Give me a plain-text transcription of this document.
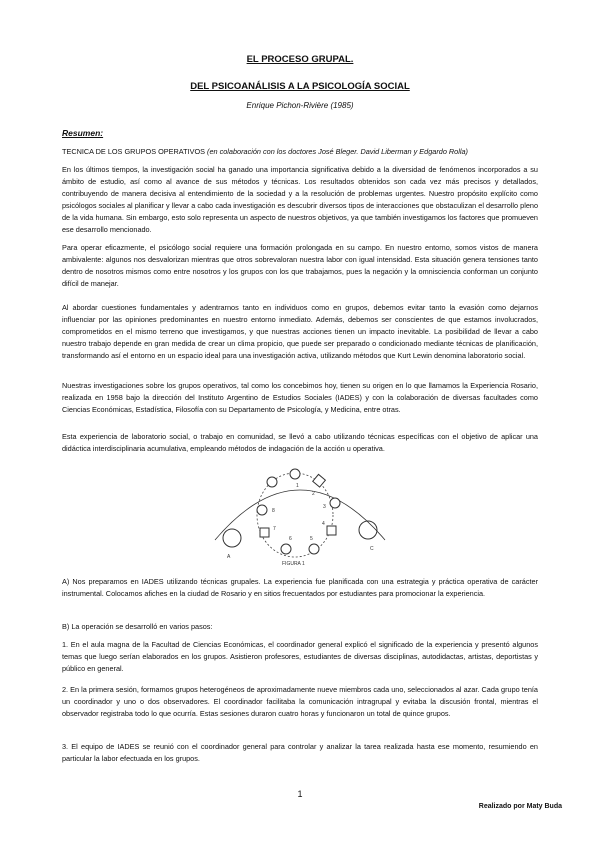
EL PROCESO GRUPAL.
DEL PSICOANÁLISIS A LA PSICOLOGÍA SOCIAL
Enrique Pichon-Rivière (1985)
Resumen:
TECNICA DE LOS GRUPOS OPERATIVOS (en colaboración con los doctores José Bleger. David Liberman y Edgardo Rolla)
En los últimos tiempos, la investigación social ha ganado una importancia significativa debido a la diversidad de fenómenos incorporados a su ámbito de estudio, así como al avance de sus métodos y técnicas. Los resultados obtenidos son cada vez más precisos y detallados, contribuyendo de manera decisiva al entendimiento de la sociedad y a la resolución de problemas urgentes. Nuestro propósito explícito como psicólogos sociales al planificar y llevar a cabo cada investigación es descubrir diversos tipos de interacciones que obstaculizan el desarrollo pleno de la vida humana. Sin embargo, esto solo representa un aspecto de nuestros objetivos, ya que también investigamos los factores que promueven ese desarrollo mencionado.
Para operar eficazmente, el psicólogo social requiere una formación prolongada en su campo. En nuestro entorno, somos vistos de manera ambivalente: algunos nos desvalorizan mientras que otros sobrevaloran nuestra labor con igual intensidad. Esta situación genera tensiones tanto dentro de nosotros mismos como entre nosotros y los grupos con los que trabajamos, pues la negación y la omnisciencia conforman un conjunto difícil de manejar.
Al abordar cuestiones fundamentales y adentrarnos tanto en individuos como en grupos, debemos evitar tanto la evasión como dejarnos influenciar por las opiniones predominantes en nuestro entorno inmediato. Además, debemos ser conscientes de que estamos involucrados, comprometidos en el mismo terreno que investigamos, y que nuestras acciones tienen un impacto inevitable. La posibilidad de llevar a cabo nuestro trabajo depende en gran medida de crear un clima propicio, que puede ser preparado o condicionado mediante técnicas de planificación, transformando así el entorno en un espacio ideal para una investigación activa, utilizando métodos que Kurt Lewin denomina laboratorio social.
Nuestras investigaciones sobre los grupos operativos, tal como los concebimos hoy, tienen su origen en lo que llamamos la Experiencia Rosario, realizada en 1958 bajo la dirección del Instituto Argentino de Estudios Sociales (IADES) y con la colaboración de diversas facultades como Ciencias Económicas, Estadística, Filosofía con su Departamento de Psicología, y Medicina, entre otras.
Esta experiencia de laboratorio social, o trabajo en comunidad, se llevó a cabo utilizando técnicas específicas con el objetivo de aplicar una didáctica interdisciplinaria acumulativa, empleando métodos de indagación de la acción u operativa.
A
C
1
2
3
4
5
6
7
8
FIGURA 1
A) Nos preparamos en IADES utilizando técnicas grupales. La experiencia fue planificada con una estrategia y práctica operativa de carácter instrumental. Colocamos afiches en la ciudad de Rosario y en sitios frecuentados por estudiantes para promocionar la experiencia.
B) La operación se desarrolló en varios pasos:
1. En el aula magna de la Facultad de Ciencias Económicas, el coordinador general explicó el significado de la experiencia y presentó algunos temas que luego serían elaborados en los grupos. Asistieron profesores, estudiantes de diversas disciplinas, autodidactas, artistas, deportistas y público en general.
2. En la primera sesión, formamos grupos heterogéneos de aproximadamente nueve miembros cada uno, seleccionados al azar. Cada grupo tenía un coordinador y uno o dos observadores. El coordinador facilitaba la comunicación intragrupal y evitaba la discusión frontal, mientras el observador registraba todo lo que ocurría. Estas sesiones duraron cuatro horas y funcionaron un total de quince grupos.
3. El equipo de IADES se reunió con el coordinador general para controlar y analizar la tarea realizada hasta ese momento, resumiendo en particular la labor efectuada en los grupos.
1
Realizado por Maty Buda
